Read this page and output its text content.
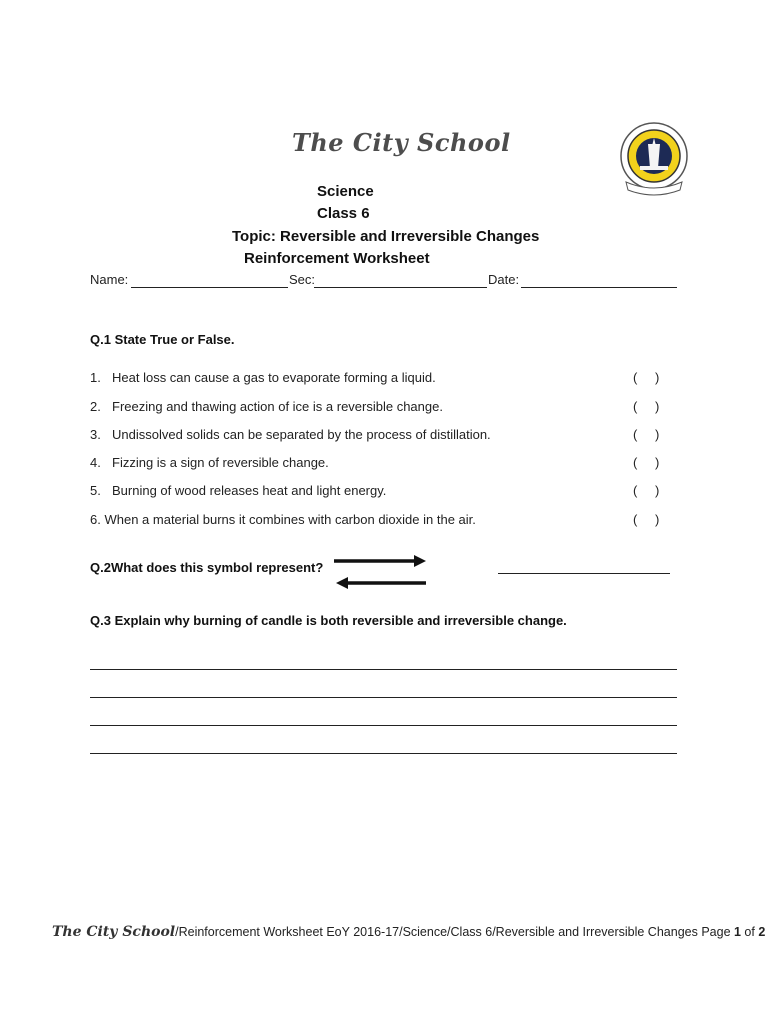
The City School
Science
Class 6
Topic: Reversible and Irreversible Changes
Reinforcement Worksheet
Name:	Sec:	Date:
Q.1 State True or False.
1. Heat loss can cause a gas to evaporate forming a liquid.	( )
2. Freezing and thawing action of ice is a reversible change.	( )
3. Undissolved solids can be separated by the process of distillation.	( )
4. Fizzing is a sign of reversible change.	( )
5. Burning of wood releases heat and light energy.	( )
6. When a material burns it combines with carbon dioxide in the air.	( )
Q.2What does this symbol represent?
Q.3 Explain why burning of candle is both reversible and irreversible change.
The City School/Reinforcement Worksheet EoY 2016-17/Science/Class 6/Reversible and Irreversible Changes Page 1 of 2
